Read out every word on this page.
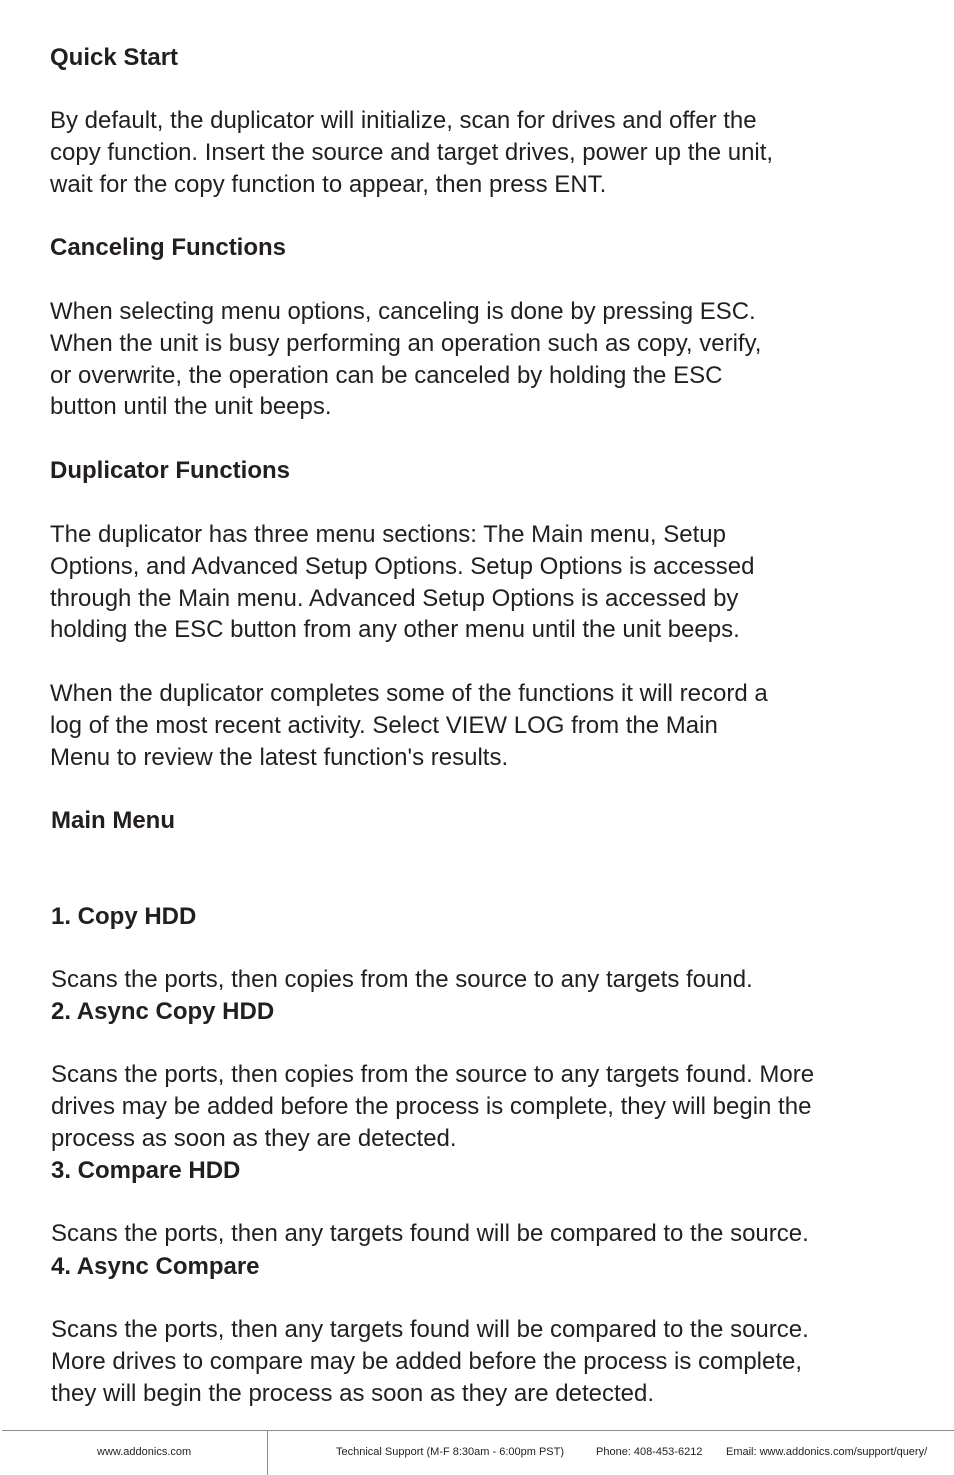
Quick Start
By default, the duplicator will initialize, scan for drives and offer the
copy function. Insert the source and target drives, power up the unit,
wait for the copy function to appear, then press ENT.
Canceling Functions
When selecting menu options, canceling is done by pressing ESC.
When the unit is busy performing an operation such as copy, verify,
or overwrite, the operation can be canceled by holding the ESC
button until the unit beeps.
Duplicator Functions
The duplicator has three menu sections: The Main menu, Setup
Options, and Advanced Setup Options. Setup Options is accessed
through the Main menu. Advanced Setup Options is accessed by
holding the ESC button from any other menu until the unit beeps.
When the duplicator completes some of the functions it will record a
log of the most recent activity. Select VIEW LOG from the Main
Menu to review the latest function's results.
Main Menu

1. Copy HDD

Scans the ports, then copies from the source to any targets found.

2. Async Copy HDD

Scans the ports, then copies from the source to any targets found. More
drives may be added before the process is complete, they will begin the
process as soon as they are detected.

3. Compare HDD

Scans the ports, then any targets found will be compared to the source.

4. Async Compare

Scans the ports, then any targets found will be compared to the source.
More drives to compare may be added before the process is complete,
they will begin the process as soon as they are detected.

www.addonics.com	Technical Support (M-F 8:30am - 6:00pm PST)	Phone: 408-453-6212 Email: www.addonics.com/support/query/
